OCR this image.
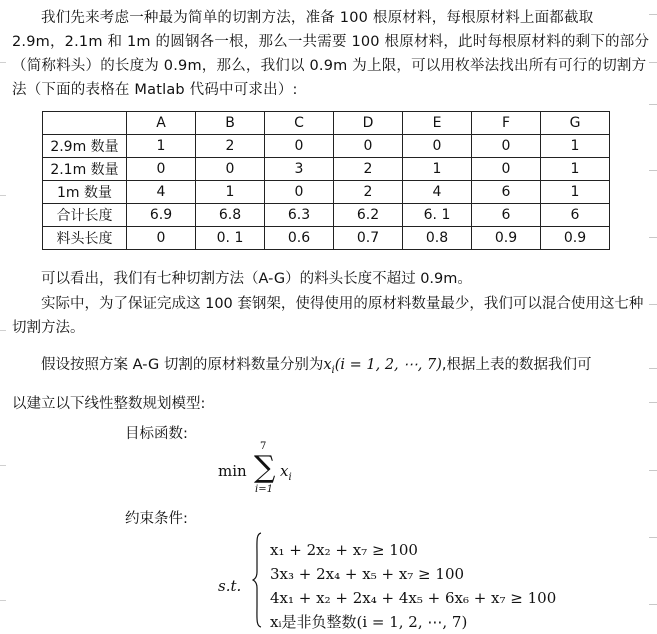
我们先来考虑一种最为简单的切割方法，准备 100 根原材料，每根原材料上面都截取 2.9m，2.1m 和 1m 的圆钢各一根，那么一共需要 100 根原材料，此时每根原材料的剩下的部分（简称料头）的长度为 0.9m，那么，我们以 0.9m 为上限，可以用枚举法找出所有可行的切割方法（下面的表格在 Matlab 代码中可求出）:

	A	B	C	D	E	F	G
2.9m 数量	1	2	0	0	0	0	1
2.1m 数量	0	0	3	2	1	0	1
1m 数量	4	1	0	2	4	6	1
合计长度	6.9	6.8	6.3	6.2	6. 1	6	6
料头长度	0	0. 1	0.6	0.7	0.8	0.9	0.9

可以看出，我们有七种切割方法（A-G）的料头长度不超过 0.9m。

实际中，为了保证完成这 100 套钢架，使得使用的原材料数量最少，我们可以混合使用这七种切割方法。

假设按照方案 A-G 切割的原材料数量分别为$x_i(i = 1$, 2, ⋯, 7),根据上表的数据我们可

以建立以下线性整数规划模型:

目标函数:
min
7
∑
i=1
$x_i$
约束条件:
s.t.
x₁ + 2x₂ + x₇ ≥ 100
3x₃ + 2x₄ + x₅ + x₇ ≥ 100
4x₁ + x₂ + 2x₄ + 4x₅ + 6x₆ + x₇ ≥ 100
xᵢ是非负整数(i = 1, 2, ⋯, 7)
